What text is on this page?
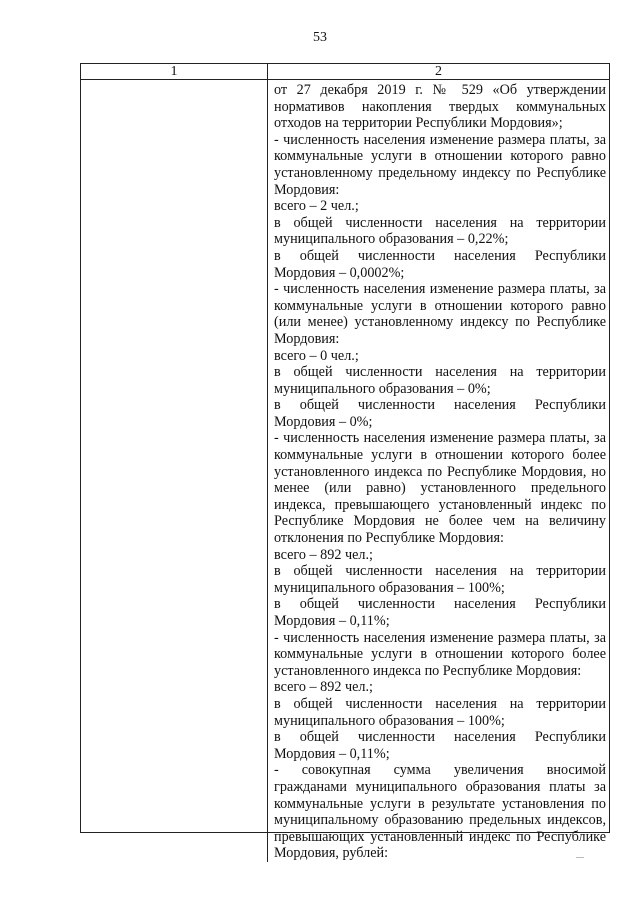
53
1	2
от 27 декабря 2019 г. № 529 «Об утверждении
нормативов накопления твердых коммунальных
отходов на территории Республики Мордовия»;
- численность населения изменение размера платы, за
коммунальные услуги в отношении которого равно
установленному предельному индексу по Республике
Мордовия:
всего – 2 чел.;
в общей численности населения на территории
муниципального образования – 0,22%;
в общей численности населения Республики
Мордовия – 0,0002%;
- численность населения изменение размера платы, за
коммунальные услуги в отношении которого равно
(или менее) установленному индексу по Республике
Мордовия:
всего – 0 чел.;
в общей численности населения на территории
муниципального образования – 0%;
в общей численности населения Республики
Мордовия – 0%;
- численность населения изменение размера платы, за
коммунальные услуги в отношении которого более
установленного индекса по Республике Мордовия, но
менее (или равно) установленного предельного
индекса, превышающего установленный индекс по
Республике Мордовия не более чем на величину
отклонения по Республике Мордовия:
всего – 892 чел.;
в общей численности населения на территории
муниципального образования – 100%;
в общей численности населения Республики
Мордовия – 0,11%;
- численность населения изменение размера платы, за
коммунальные услуги в отношении которого более
установленного индекса по Республике Мордовия:
всего – 892 чел.;
в общей численности населения на территории
муниципального образования – 100%;
в общей численности населения Республики
Мордовия – 0,11%;
- совокупная сумма увеличения вносимой
гражданами муниципального образования платы за
коммунальные услуги в результате установления по
муниципальному образованию предельных индексов,
превышающих установленный индекс по Республике
Мордовия, рублей:
